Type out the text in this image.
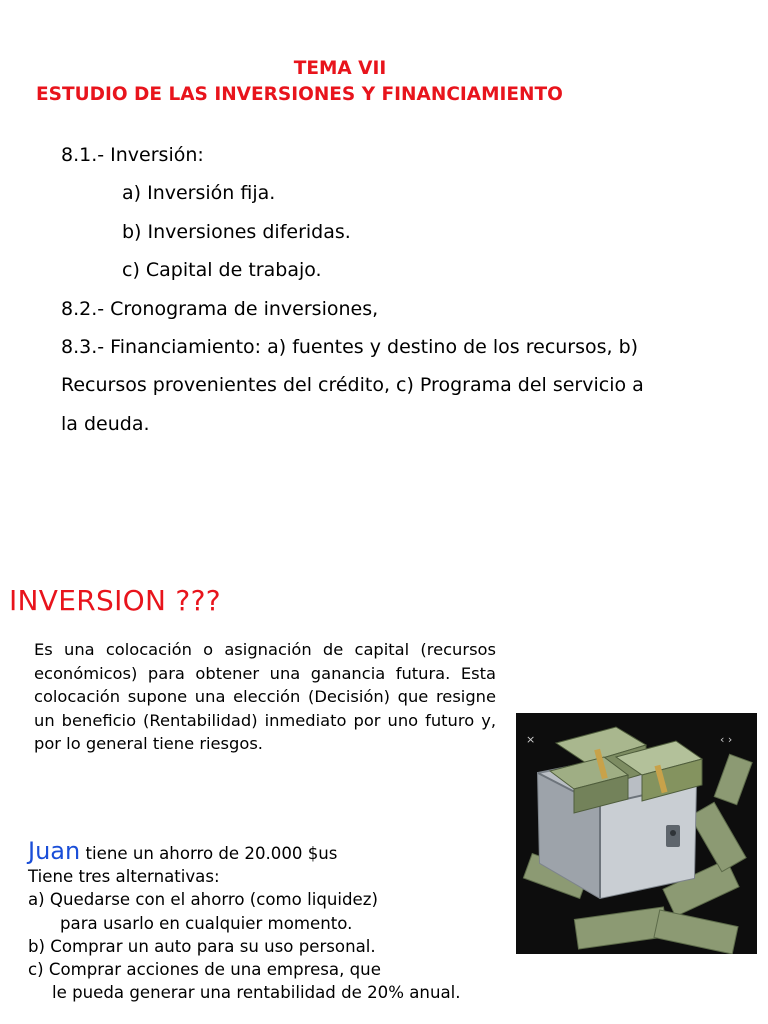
TEMA VII
ESTUDIO DE LAS INVERSIONES Y FINANCIAMIENTO
8.1.- Inversión:
a) Inversión fija.
b) Inversiones diferidas.
c) Capital de trabajo.
8.2.- Cronograma de inversiones,
8.3.- Financiamiento: a) fuentes y destino de los recursos, b)
Recursos provenientes del crédito, c) Programa del servicio a
la deuda.
INVERSION ???
Es una colocación o asignación de capital (recursos económicos) para obtener una ganancia futura. Esta colocación supone una elección (Decisión) que resigne un beneficio (Rentabilidad) inmediato por uno futuro y, por lo general tiene riesgos.
Juan tiene un ahorro de 20.000 $us
Tiene tres alternativas:
a) Quedarse con el ahorro (como liquidez)
para usarlo en cualquier momento.
b) Comprar un auto para su uso personal.
c) Comprar acciones de una empresa, que
le pueda generar una rentabilidad de 20% anual.
×	‹ ›
